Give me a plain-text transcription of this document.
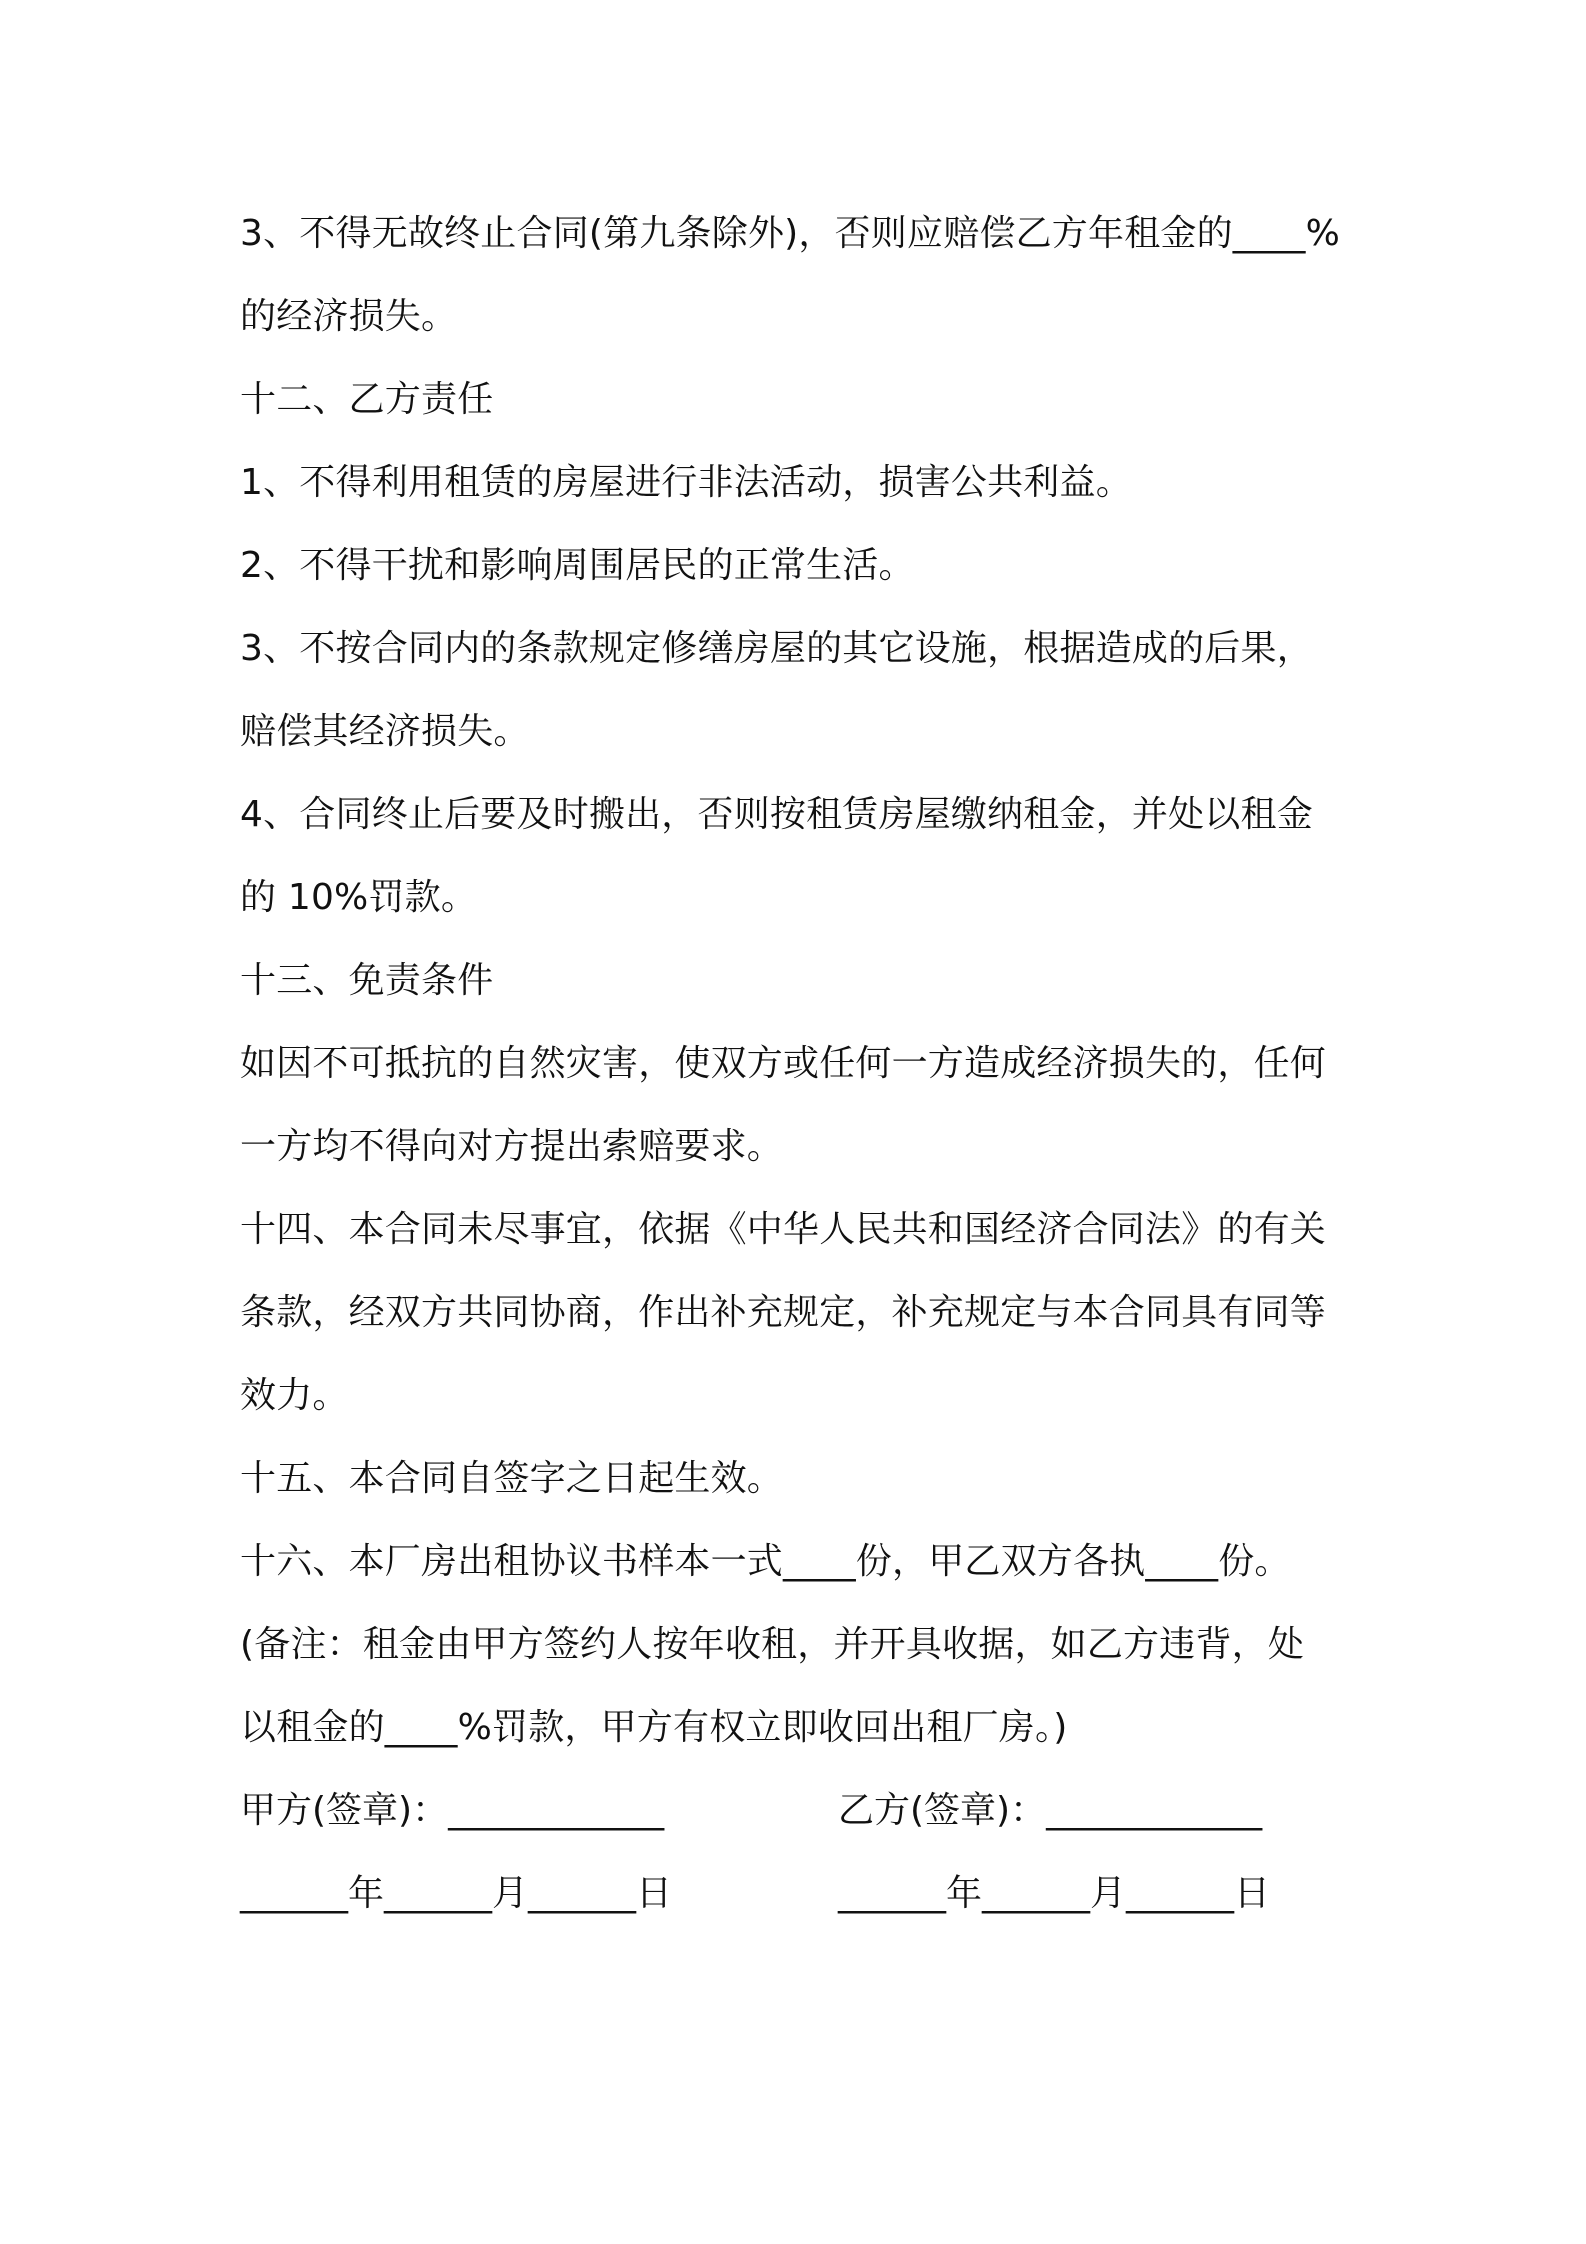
3、不得无故终止合同(第九条除外)，否则应赔偿乙方年租金的____%
的经济损失。
十二、乙方责任
1、不得利用租赁的房屋进行非法活动，损害公共利益。
2、不得干扰和影响周围居民的正常生活。
3、不按合同内的条款规定修缮房屋的其它设施，根据造成的后果，
赔偿其经济损失。
4、合同终止后要及时搬出，否则按租赁房屋缴纳租金，并处以租金
的 10%罚款。
十三、免责条件
如因不可抵抗的自然灾害，使双方或任何一方造成经济损失的，任何
一方均不得向对方提出索赔要求。
十四、本合同未尽事宜，依据《中华人民共和国经济合同法》的有关
条款，经双方共同协商，作出补充规定，补充规定与本合同具有同等
效力。
十五、本合同自签字之日起生效。
十六、本厂房出租协议书样本一式____份，甲乙双方各执____份。
(备注：租金由甲方签约人按年收租，并开具收据，如乙方违背，处
以租金的____%罚款，甲方有权立即收回出租厂房。)
甲方(签章)：____________	乙方(签章)：____________
______年______月______日	______年______月______日
